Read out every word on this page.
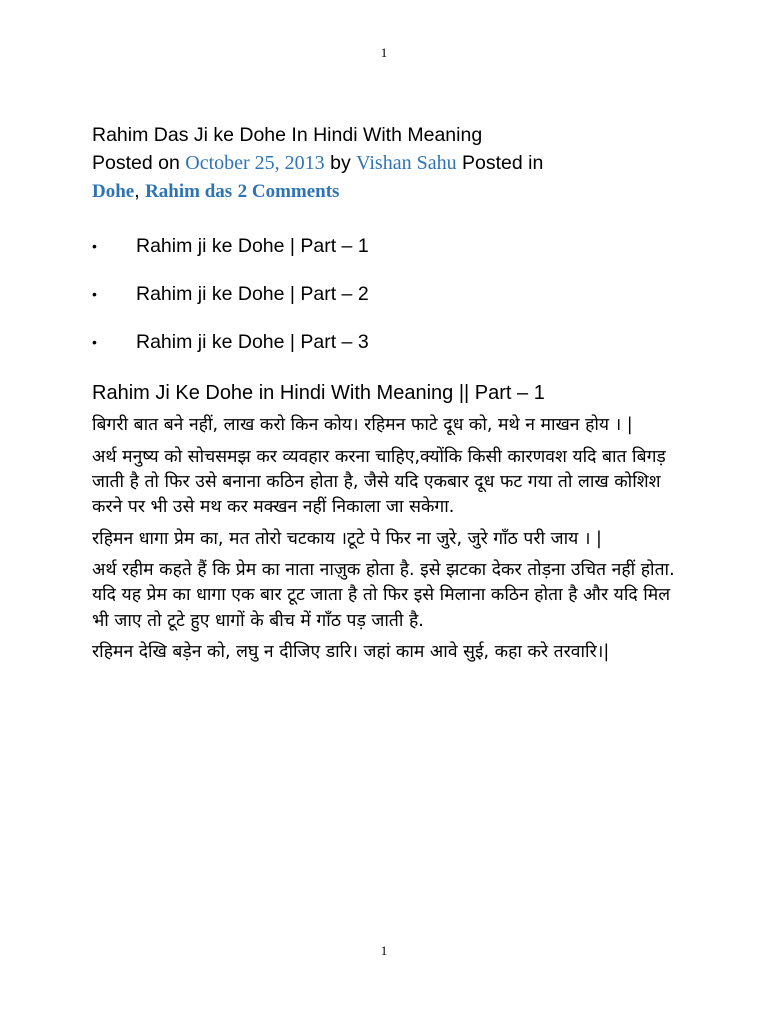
1

Rahim Das Ji ke Dohe In Hindi With Meaning

Posted on October 25, 2013 by Vishan Sahu Posted in

Dohe, Rahim das 2 Comments

• Rahim ji ke Dohe | Part – 1
• Rahim ji ke Dohe | Part – 2
• Rahim ji ke Dohe | Part – 3
Rahim Ji Ke Dohe in Hindi With Meaning || Part – 1

बिगरी बात बने नहीं, लाख करो किन कोय। रहिमन फाटे दूध को, मथे न माखन होय । |

अर्थ मनुष्य को सोचसमझ कर व्यवहार करना चाहिए,क्योंकि किसी कारणवश यदि बात बिगड़ जाती है तो फिर उसे बनाना कठिन होता है, जैसे यदि एकबार दूध फट गया तो लाख कोशिश करने पर भी उसे मथ कर मक्खन नहीं निकाला जा सकेगा.

रहिमन धागा प्रेम का, मत तोरो चटकाय ।टूटे पे फिर ना जुरे, जुरे गाँठ परी जाय । |

अर्थ रहीम कहते हैं कि प्रेम का नाता नाज़ुक होता है. इसे झटका देकर तोड़ना उचित नहीं होता. यदि यह प्रेम का धागा एक बार टूट जाता है तो फिर इसे मिलाना कठिन होता है और यदि मिल भी जाए तो टूटे हुए धागों के बीच में गाँठ पड़ जाती है.

रहिमन देखि बड़ेन को, लघु न दीजिए डारि। जहां काम आवे सुई, कहा करे तरवारि।|

1
